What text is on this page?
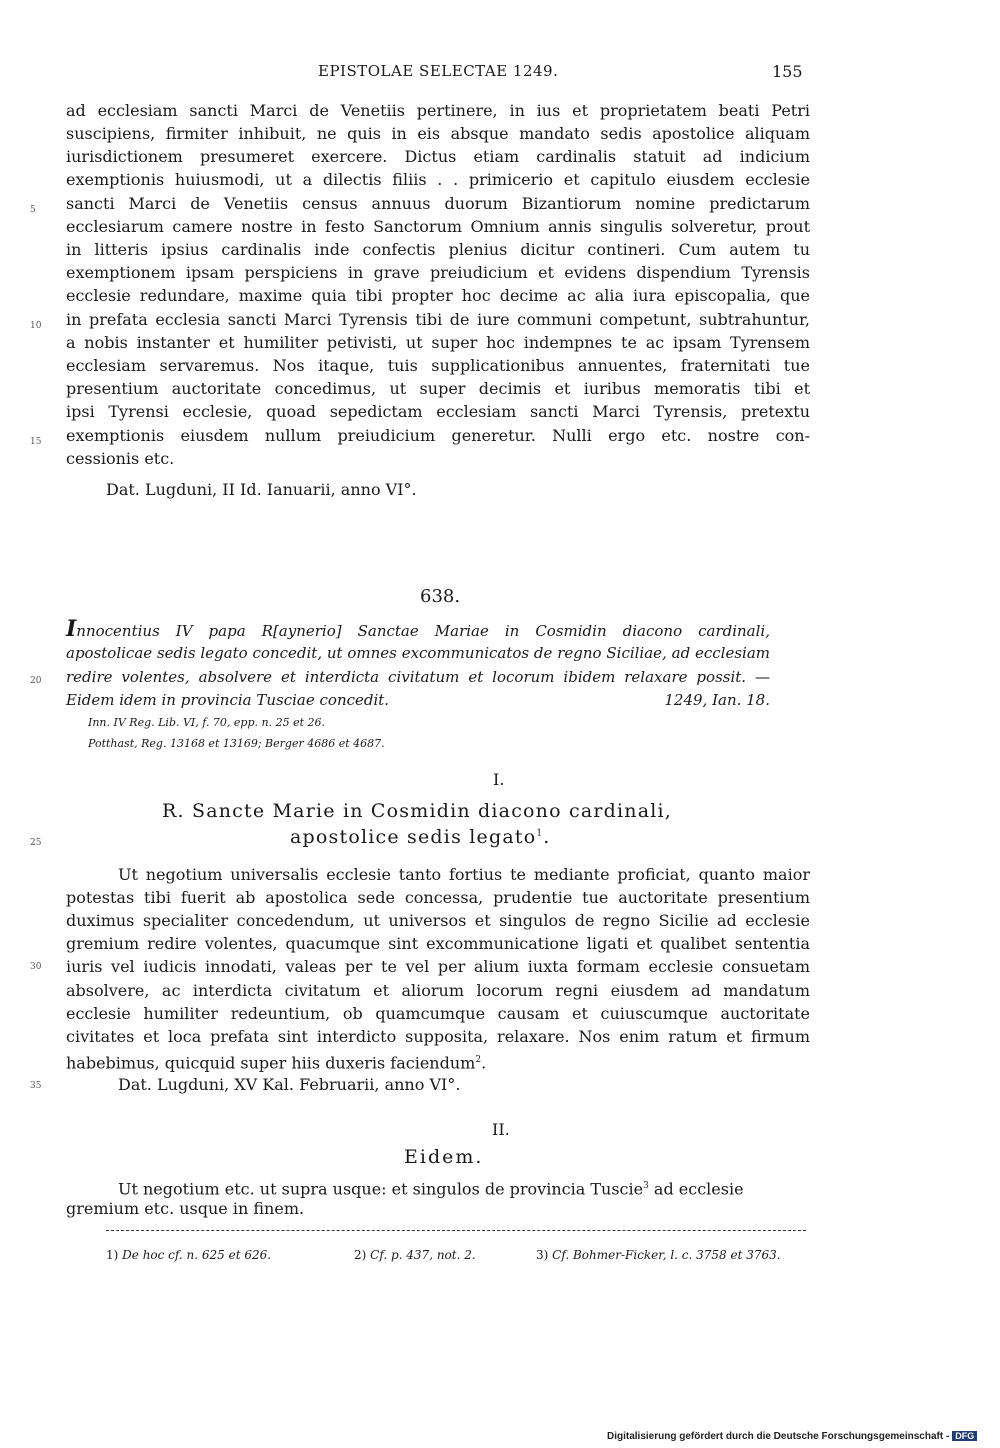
EPISTOLAE SELECTAE 1249.	155
ad ecclesiam sancti Marci de Venetiis pertinere, in ius et proprietatem beati Petri
suscipiens, firmiter inhibuit, ne quis in eis absque mandato sedis apostolice aliquam
iurisdictionem presumeret exercere. Dictus etiam cardinalis statuit ad indicium
exemptionis huiusmodi, ut a dilectis filiis . . primicerio et capitulo eiusdem ecclesie
sancti Marci de Venetiis census annuus duorum Bizantiorum nomine predictarum
ecclesiarum camere nostre in festo Sanctorum Omnium annis singulis solveretur, prout
in litteris ipsius cardinalis inde confectis plenius dicitur contineri. Cum autem tu
exemptionem ipsam perspiciens in grave preiudicium et evidens dispendium Tyrensis
ecclesie redundare, maxime quia tibi propter hoc decime ac alia iura episcopalia, que
in prefata ecclesia sancti Marci Tyrensis tibi de iure communi competunt, subtrahuntur,
a nobis instanter et humiliter petivisti, ut super hoc indempnes te ac ipsam Tyrensem
ecclesiam servaremus. Nos itaque, tuis supplicationibus annuentes, fraternitati tue
presentium auctoritate concedimus, ut super decimis et iuribus memoratis tibi et
ipsi Tyrensi ecclesie, quoad sepedictam ecclesiam sancti Marci Tyrensis, pretextu
exemptionis eiusdem nullum preiudicium generetur. Nulli ergo etc. nostre con-
cessionis etc.
5
10
15
Dat. Lugduni, II Id. Ianuarii, anno VI°.
638.
Innocentius IV papa R[aynerio] Sanctae Mariae in Cosmidin diacono cardinali,
apostolicae sedis legato concedit, ut omnes excommunicatos de regno Siciliae, ad ecclesiam
redire volentes, absolvere et interdicta civitatum et locorum ibidem relaxare possit. —
Eidem idem in provincia Tusciae concedit.	1249, Ian. 18.
20
Inn. IV Reg. Lib. VI, f. 70, epp. n. 25 et 26.
Potthast, Reg. 13168 et 13169; Berger 4686 et 4687.
I.
R. Sancte Marie in Cosmidin diacono cardinali,
apostolice sedis legato$^1$.
25
Ut negotium universalis ecclesie tanto fortius te mediante proficiat, quanto maior
potestas tibi fuerit ab apostolica sede concessa, prudentie tue auctoritate presentium
duximus specialiter concedendum, ut universos et singulos de regno Sicilie ad ecclesie
gremium redire volentes, quacumque sint excommunicatione ligati et qualibet sententia
iuris vel iudicis innodati, valeas per te vel per alium iuxta formam ecclesie consuetam
absolvere, ac interdicta civitatum et aliorum locorum regni eiusdem ad mandatum
ecclesie humiliter redeuntium, ob quamcumque causam et cuiuscumque auctoritate
civitates et loca prefata sint interdicto supposita, relaxare. Nos enim ratum et firmum
habebimus, quicquid super hiis duxeris faciendum$^2$.
30
35	Dat. Lugduni, XV Kal. Februarii, anno VI°.
II.
Eidem.
Ut negotium etc. ut supra usque: et singulos de provincia Tuscie$^3$ ad ecclesie
gremium etc. usque in finem.
1) De hoc cf. n. 625 et 626.	2) Cf. p. 437, not. 2.	3) Cf. Bohmer-Ficker, l. c. 3758 et 3763.
Digitalisierung gefördert durch die Deutsche Forschungsgemeinschaft - DFG
